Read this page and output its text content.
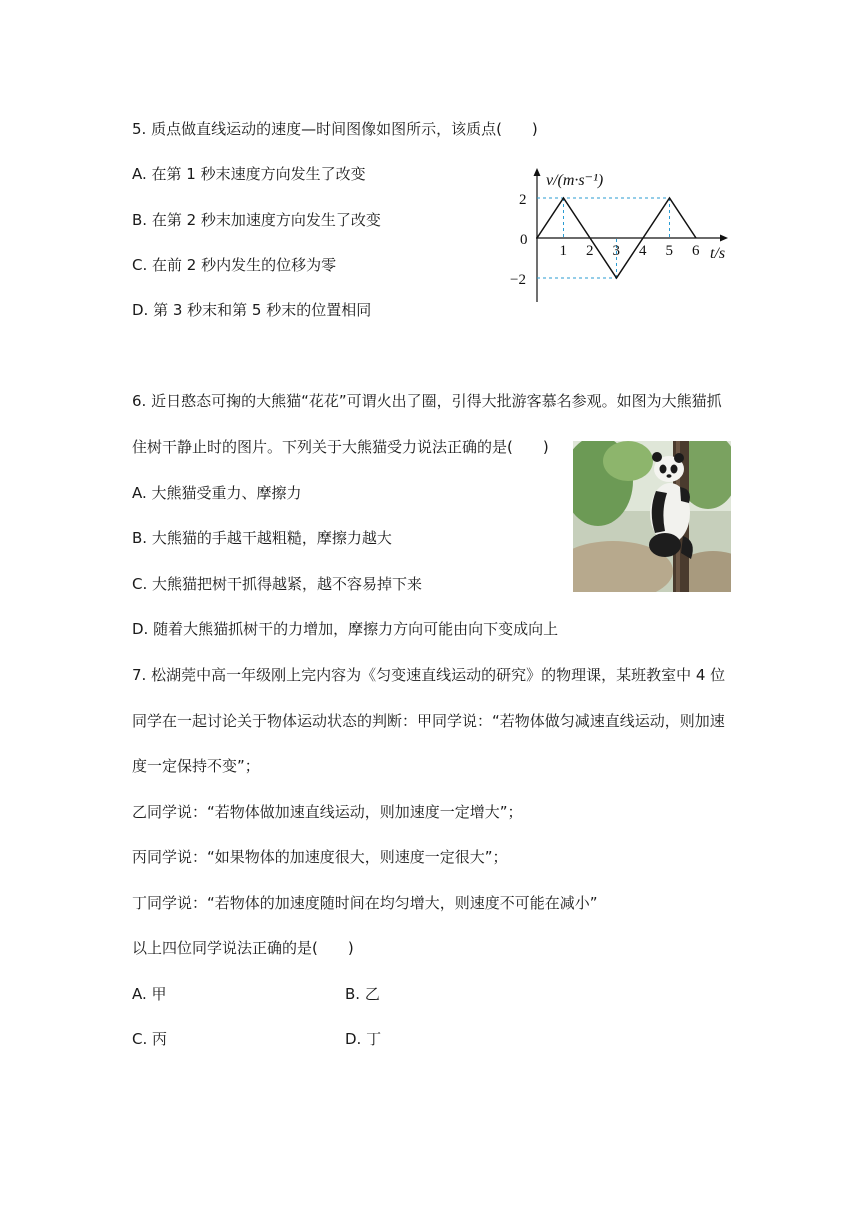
5. 质点做直线运动的速度—时间图像如图所示，该质点(　　)
A. 在第 1 秒末速度方向发生了改变
B. 在第 2 秒末加速度方向发生了改变
C. 在前 2 秒内发生的位移为零
D. 第 3 秒末和第 5 秒末的位置相同
v/(m·s⁻¹)
t/s
2
−2
0
1 2 3 4 5 6
6. 近日憨态可掬的大熊猫“花花”可谓火出了圈，引得大批游客慕名参观。如图为大熊猫抓
住树干静止时的图片。下列关于大熊猫受力说法正确的是(　　)
A. 大熊猫受重力、摩擦力
B. 大熊猫的手越干越粗糙，摩擦力越大
C. 大熊猫把树干抓得越紧，越不容易掉下来
D. 随着大熊猫抓树干的力增加，摩擦力方向可能由向下变成向上
7. 松湖莞中高一年级刚上完内容为《匀变速直线运动的研究》的物理课，某班教室中 4 位
同学在一起讨论关于物体运动状态的判断：甲同学说：“若物体做匀减速直线运动，则加速
度一定保持不变”；
乙同学说：“若物体做加速直线运动，则加速度一定增大”；
丙同学说：“如果物体的加速度很大，则速度一定很大”；
丁同学说：“若物体的加速度随时间在均匀增大，则速度不可能在减小”
以上四位同学说法正确的是(　　)
A. 甲	B. 乙
C. 丙	D. 丁
